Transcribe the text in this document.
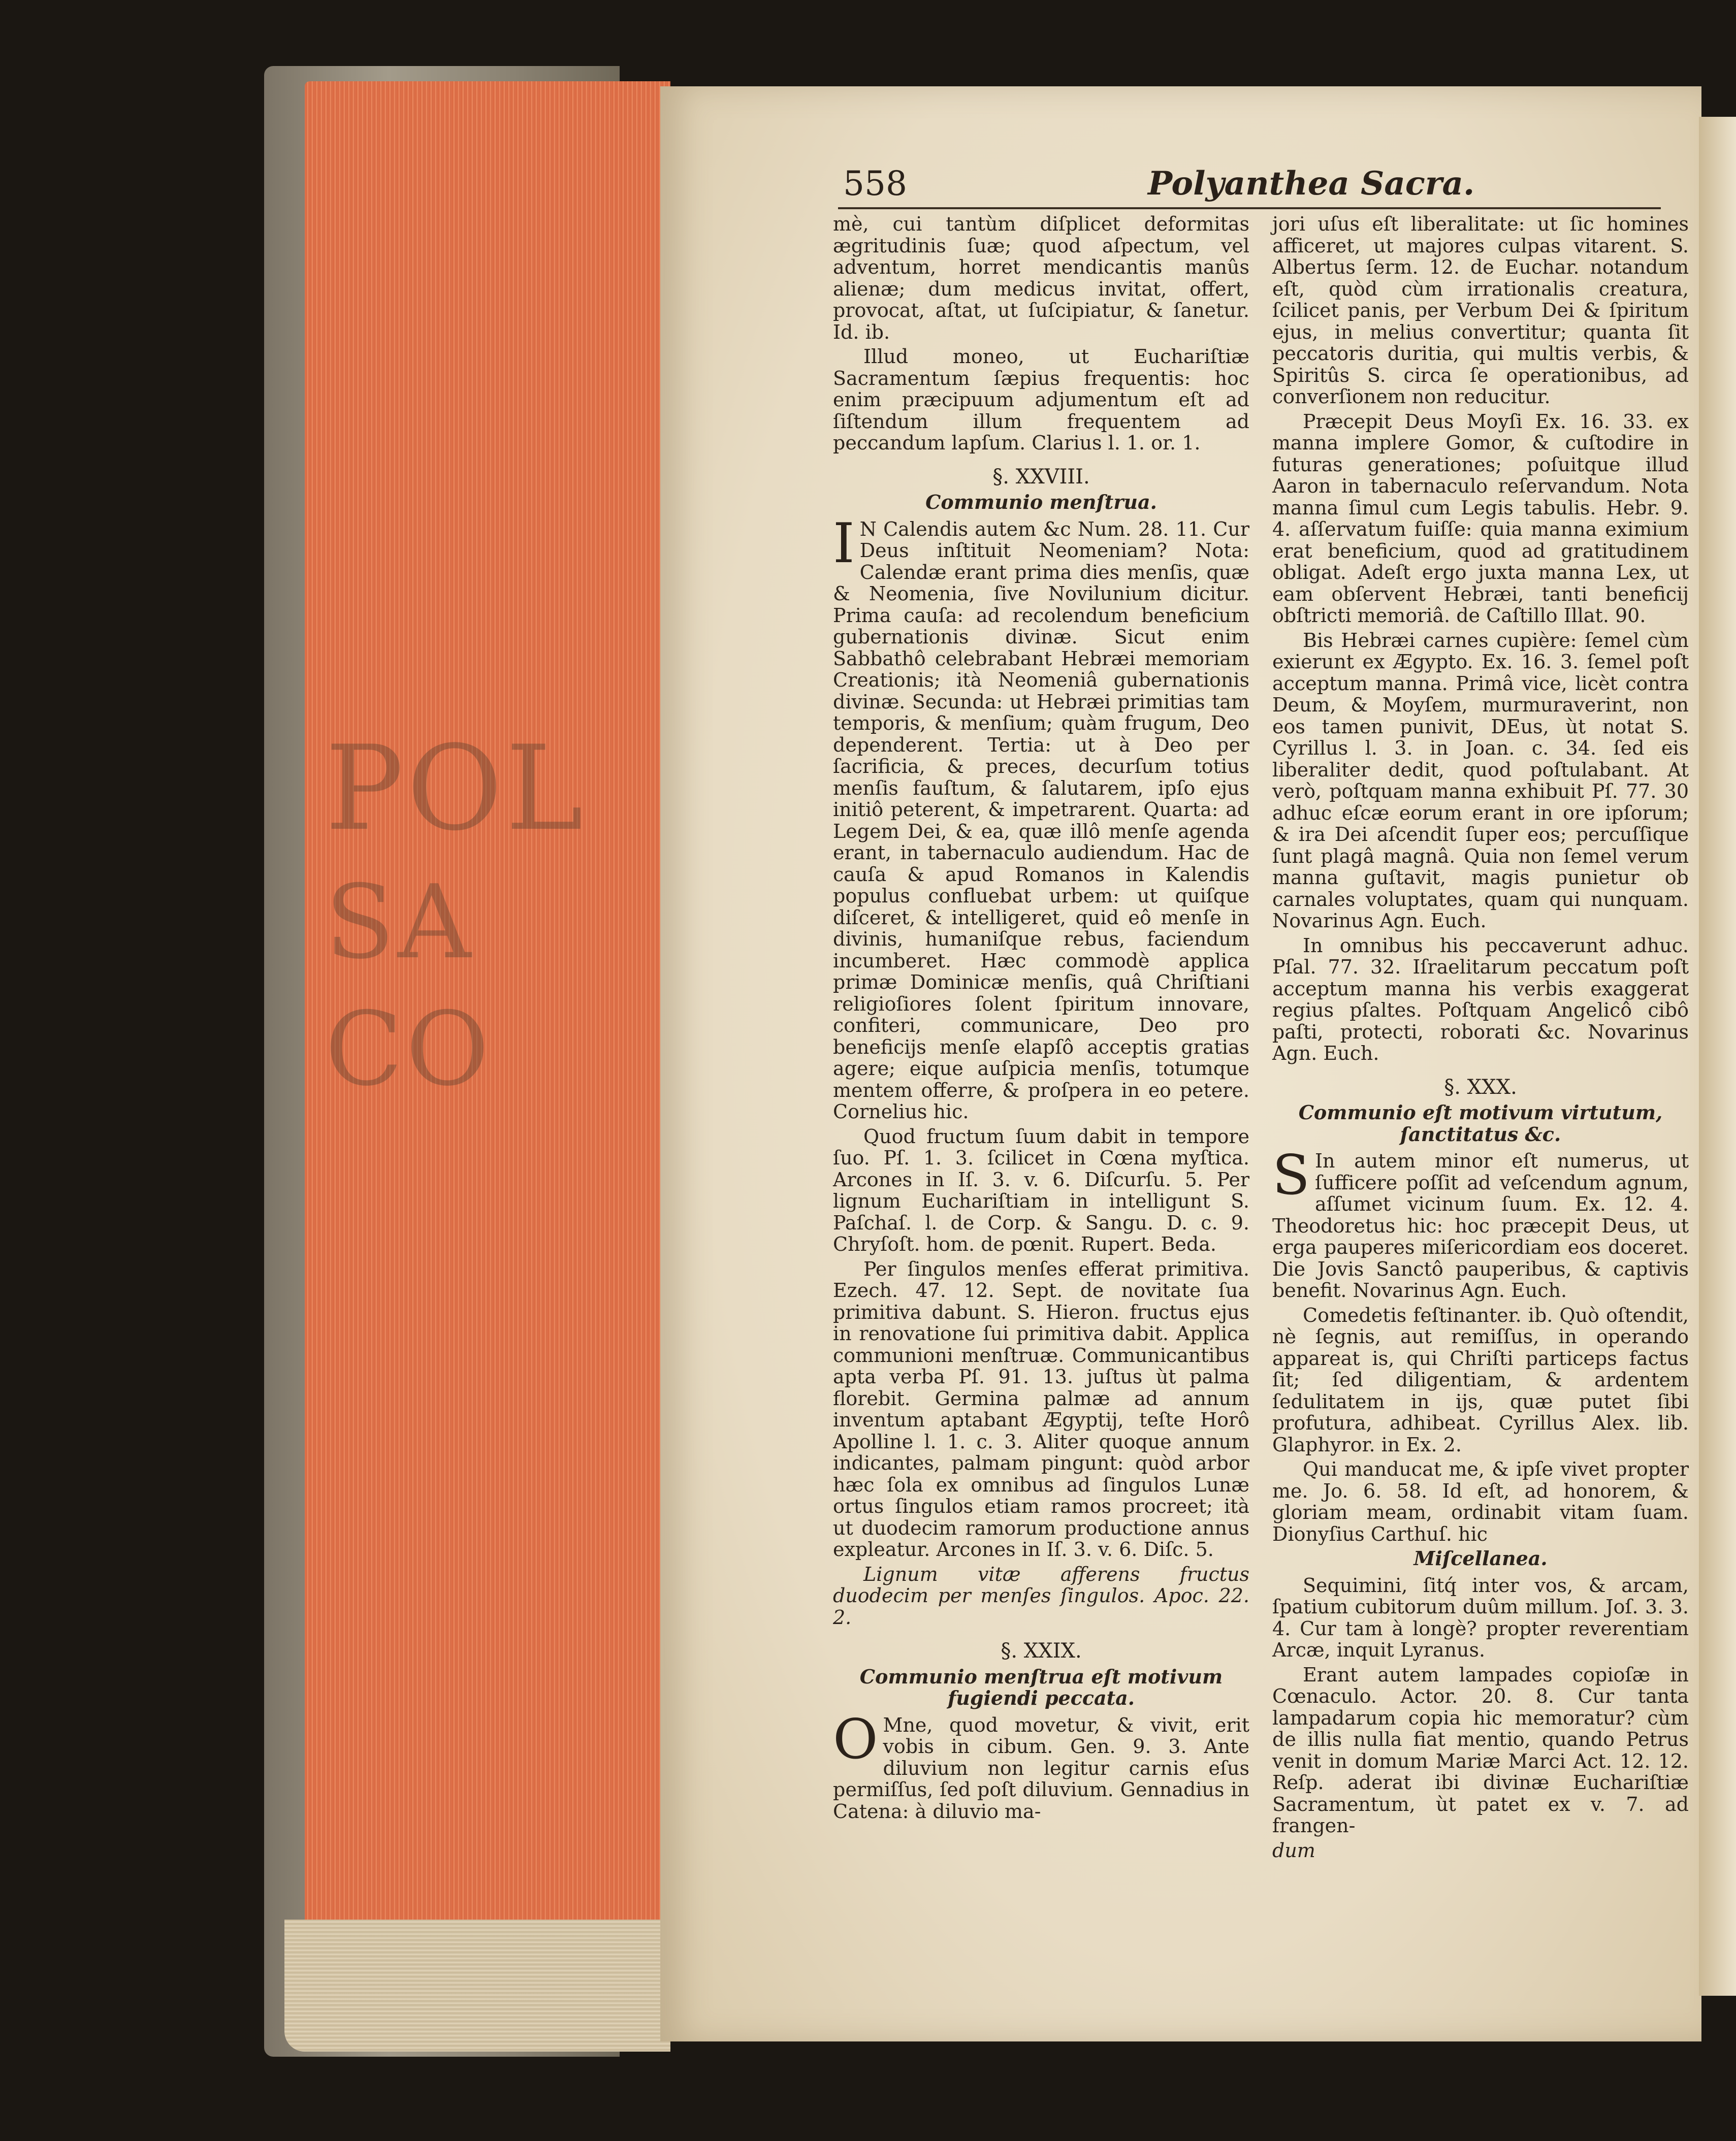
POL
SA
CO
558	Polyanthea Sacra.

mè, cui tantùm diſplicet deformitas ægritudinis ſuæ; quod aſpectum, vel adventum, horret mendicantis manûs alienæ; dum medicus invitat, offert, provocat, aſtat, ut ſuſcipiatur, & ſanetur. Id. ib.

Illud moneo, ut Euchariſtiæ Sacramentum ſæpius frequentis: hoc enim præcipuum adjumentum eſt ad ſiſtendum illum frequentem ad peccandum lapſum. Clarius l. 1. or. 1.

§. XXVIII.
Communio menſtrua.

I N Calendis autem &c Num. 28. 11. Cur Deus inſtituit Neomeniam? Nota: Calendæ erant prima dies menſis, quæ & Neomenia, ſive Novilunium dicitur. Prima cauſa: ad recolendum beneficium gubernationis divinæ. Sicut enim Sabbathô celebrabant Hebræi memoriam Creationis; ità Neomeniâ gubernationis divinæ. Secunda: ut Hebræi primitias tam temporis, & menſium; quàm frugum, Deo dependerent. Tertia: ut à Deo per ſacrificia, & preces, decurſum totius menſis fauſtum, & ſalutarem, ipſo ejus initiô peterent, & impetrarent. Quarta: ad Legem Dei, & ea, quæ illô menſe agenda erant, in tabernaculo audiendum. Hac de cauſa & apud Romanos in Kalendis populus confluebat urbem: ut quiſque diſceret, & intelligeret, quid eô menſe in divinis, humaniſque rebus, faciendum incumberet. Hæc commodè applica primæ Dominicæ menſis, quâ Chriſtiani religioſiores ſolent ſpiritum innovare, confiteri, communicare, Deo pro beneficijs menſe elapſô acceptis gratias agere; eique auſpicia menſis, totumque mentem offerre, & proſpera in eo petere. Cornelius hic.

Quod fructum ſuum dabit in tempore ſuo. Pſ. 1. 3. ſcilicet in Cœna myſtica. Arcones in Iſ. 3. v. 6. Diſcurſu. 5. Per lignum Euchariſtiam in intelligunt S. Paſchaſ. l. de Corp. & Sangu. D. c. 9. Chryſoſt. hom. de pœnit. Rupert. Beda.

Per ſingulos menſes efferat primitiva. Ezech. 47. 12. Sept. de novitate ſua primitiva dabunt. S. Hieron. fructus ejus in renovatione ſui primitiva dabit. Applica communioni menſtruæ. Communicantibus apta verba Pſ. 91. 13. juſtus ùt palma florebit. Germina palmæ ad annum inventum aptabant Ægyptij, teſte Horô Apolline l. 1. c. 3. Aliter quoque annum indicantes, palmam pingunt: quòd arbor hæc ſola ex omnibus ad ſingulos Lunæ ortus ſingulos etiam ramos procreet; ità ut duodecim ramorum productione annus expleatur. Arcones in Iſ. 3. v. 6. Diſc. 5.

Lignum vitæ afferens fructus duodecim per menſes ſingulos. Apoc. 22. 2.

§. XXIX.
Communio menſtrua eſt motivum fugiendi peccata.

O Mne, quod movetur, & vivit, erit vobis in cibum. Gen. 9. 3. Ante diluvium non legitur carnis eſus permiſſus, ſed poſt diluvium. Gennadius in Catena: à diluvio ma-

jori uſus eſt liberalitate: ut ſic homines afficeret, ut majores culpas vitarent. S. Albertus ſerm. 12. de Euchar. notandum eſt, quòd cùm irrationalis creatura, ſcilicet panis, per Verbum Dei & ſpiritum ejus, in melius convertitur; quanta ſit peccatoris duritia, qui multis verbis, & Spiritûs S. circa ſe operationibus, ad converſionem non reducitur.

Præcepit Deus Moyſi Ex. 16. 33. ex manna implere Gomor, & cuſtodire in futuras generationes; poſuitque illud Aaron in tabernaculo reſervandum. Nota manna ſimul cum Legis tabulis. Hebr. 9. 4. aſſervatum fuiſſe: quia manna eximium erat beneficium, quod ad gratitudinem obligat. Adeſt ergo juxta manna Lex, ut eam obſervent Hebræi, tanti beneficij obſtricti memoriâ. de Caſtillo Illat. 90.

Bis Hebræi carnes cupière: ſemel cùm exierunt ex Ægypto. Ex. 16. 3. ſemel poſt acceptum manna. Primâ vice, licèt contra Deum, & Moyſem, murmuraverint, non eos tamen punivit, DEus, ùt notat S. Cyrillus l. 3. in Joan. c. 34. ſed eis liberaliter dedit, quod poſtulabant. At verò, poſtquam manna exhibuit Pſ. 77. 30 adhuc eſcæ eorum erant in ore ipſorum; & ira Dei aſcendit ſuper eos; percuſſique ſunt plagâ magnâ. Quia non ſemel verum manna guſtavit, magis punietur ob carnales voluptates, quam qui nunquam. Novarinus Agn. Euch.

In omnibus his peccaverunt adhuc. Pſal. 77. 32. Iſraelitarum peccatum poſt acceptum manna his verbis exaggerat regius pſaltes. Poſtquam Angelicô cibô paſti, protecti, roborati &c. Novarinus Agn. Euch.

§. XXX.
Communio eſt motivum virtutum, ſanctitatus &c.

S In autem minor eſt numerus, ut ſufficere poſſit ad veſcendum agnum, aſſumet vicinum ſuum. Ex. 12. 4. Theodoretus hic: hoc præcepit Deus, ut erga pauperes miſericordiam eos doceret. Die Jovis Sanctô pauperibus, & captivis benefit. Novarinus Agn. Euch.

Comedetis feſtinanter. ib. Quò oſtendit, nè ſegnis, aut remiſſus, in operando appareat is, qui Chriſti particeps factus ſit; ſed diligentiam, & ardentem ſedulitatem in ijs, quæ putet ſibi profutura, adhibeat. Cyrillus Alex. lib. Glaphyror. in Ex. 2.

Qui manducat me, & ipſe vivet propter me. Jo. 6. 58. Id eſt, ad honorem, & gloriam meam, ordinabit vitam ſuam. Dionyſius Carthuſ. hic

Miſcellanea.

Sequimini, ſitq́ inter vos, & arcam, ſpatium cubitorum duûm millum. Joſ. 3. 3. 4. Cur tam à longè? propter reverentiam Arcæ, inquit Lyranus.

Erant autem lampades copioſæ in Cœnaculo. Actor. 20. 8. Cur tanta lampadarum copia hic memoratur? cùm de illis nulla fiat mentio, quando Petrus venit in domum Mariæ Marci Act. 12. 12. Reſp. aderat ibi divinæ Euchariſtiæ Sacramentum, ùt patet ex v. 7. ad frangen-

dum
